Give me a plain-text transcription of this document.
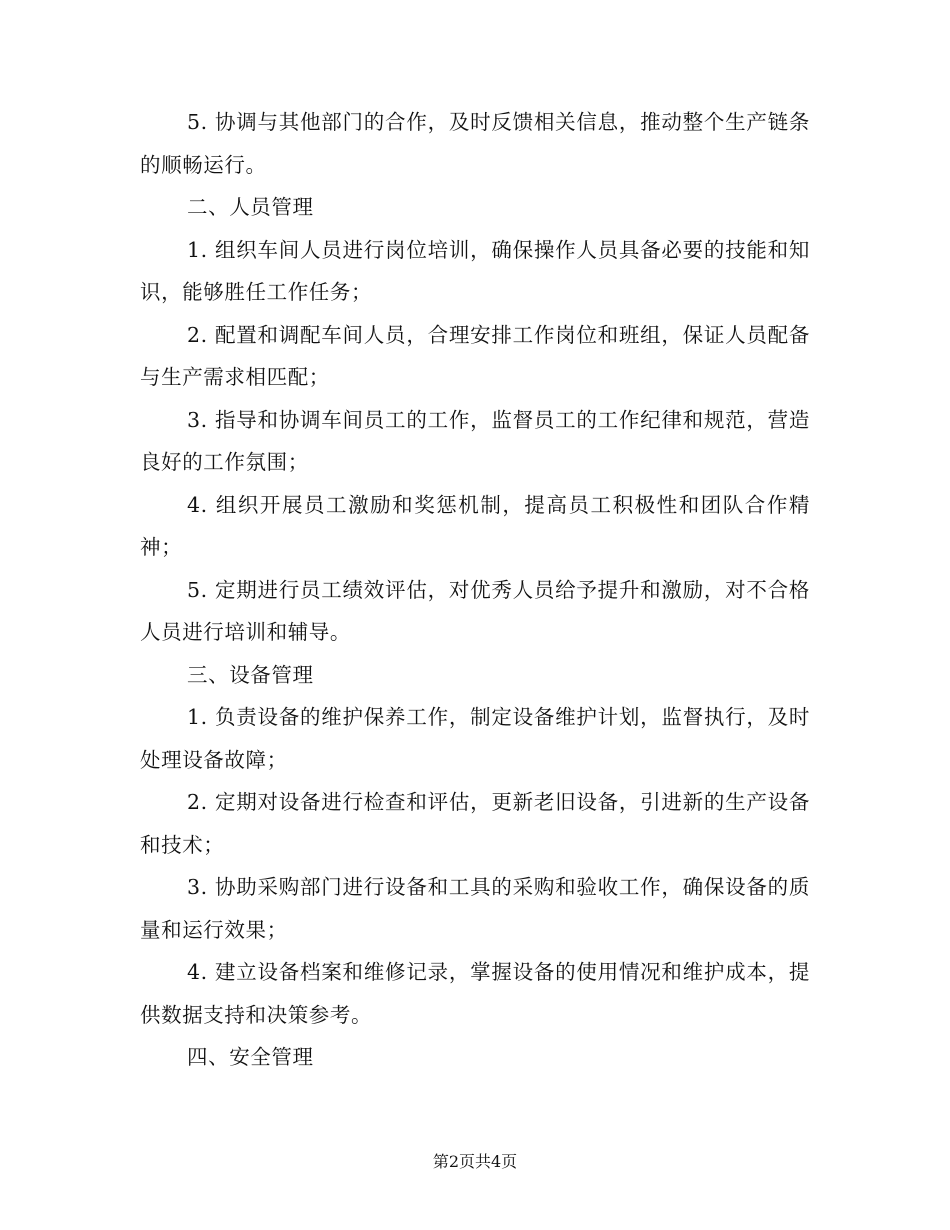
5. 协调与其他部门的合作，及时反馈相关信息，推动整个生产链条的顺畅运行。

二、人员管理

1. 组织车间人员进行岗位培训，确保操作人员具备必要的技能和知识，能够胜任工作任务；

2. 配置和调配车间人员，合理安排工作岗位和班组，保证人员配备与生产需求相匹配；

3. 指导和协调车间员工的工作，监督员工的工作纪律和规范，营造良好的工作氛围；

4. 组织开展员工激励和奖惩机制，提高员工积极性和团队合作精神；

5. 定期进行员工绩效评估，对优秀人员给予提升和激励，对不合格人员进行培训和辅导。

三、设备管理

1. 负责设备的维护保养工作，制定设备维护计划，监督执行，及时处理设备故障；

2. 定期对设备进行检查和评估，更新老旧设备，引进新的生产设备和技术；

3. 协助采购部门进行设备和工具的采购和验收工作，确保设备的质量和运行效果；

4. 建立设备档案和维修记录，掌握设备的使用情况和维护成本，提供数据支持和决策参考。

四、安全管理

第2页共4页
